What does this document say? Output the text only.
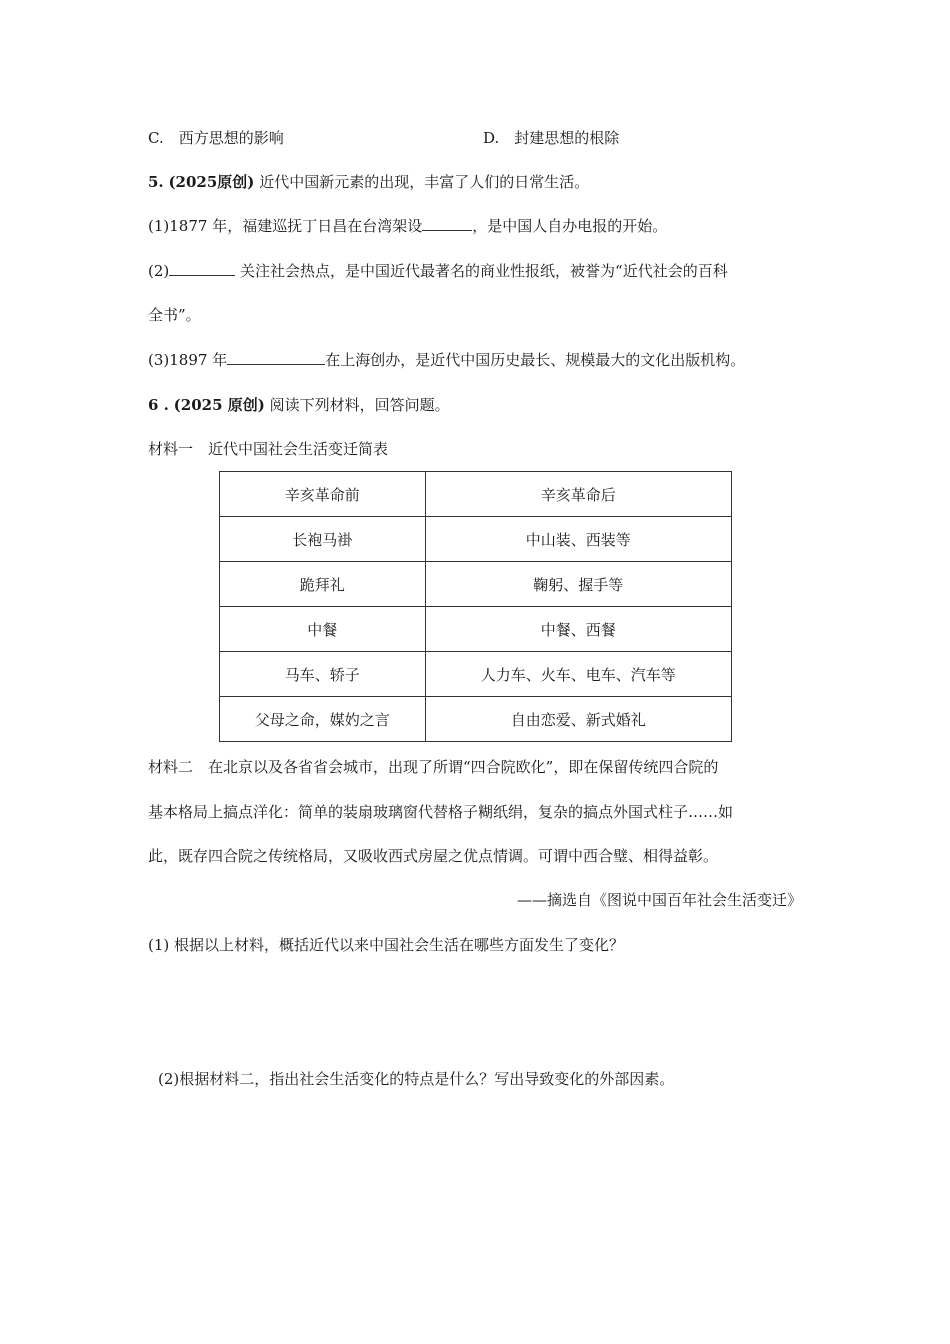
C.　西方思想的影响	D.　封建思想的根除
5. (2025原创) 近代中国新元素的出现，丰富了人们的日常生活。
(1)1877 年，福建巡抚丁日昌在台湾架设	，是中国人自办电报的开始。
(2)	关注社会热点，是中国近代最著名的商业性报纸，被誉为“近代社会的百科
全书”。
(3)1897 年	在上海创办，是近代中国历史最长、规模最大的文化出版机构。
6 . (2025 原创) 阅读下列材料，回答问题。
材料一　近代中国社会生活变迁简表
辛亥革命前	辛亥革命后
长袍马褂	中山装、西装等
跪拜礼	鞠躬、握手等
中餐	中餐、西餐
马车、轿子	人力车、火车、电车、汽车等
父母之命，媒妁之言	自由恋爱、新式婚礼
材料二　在北京以及各省省会城市，出现了所谓“四合院欧化”，即在保留传统四合院的
基本格局上搞点洋化：简单的装扇玻璃窗代替格子糊纸绢，复杂的搞点外国式柱子……如
此，既存四合院之传统格局，又吸收西式房屋之优点情调。可谓中西合璧、相得益彰。
——摘选自《图说中国百年社会生活变迁》
(1) 根据以上材料，概括近代以来中国社会生活在哪些方面发生了变化？
(2)根据材料二，指出社会生活变化的特点是什么？写出导致变化的外部因素。
